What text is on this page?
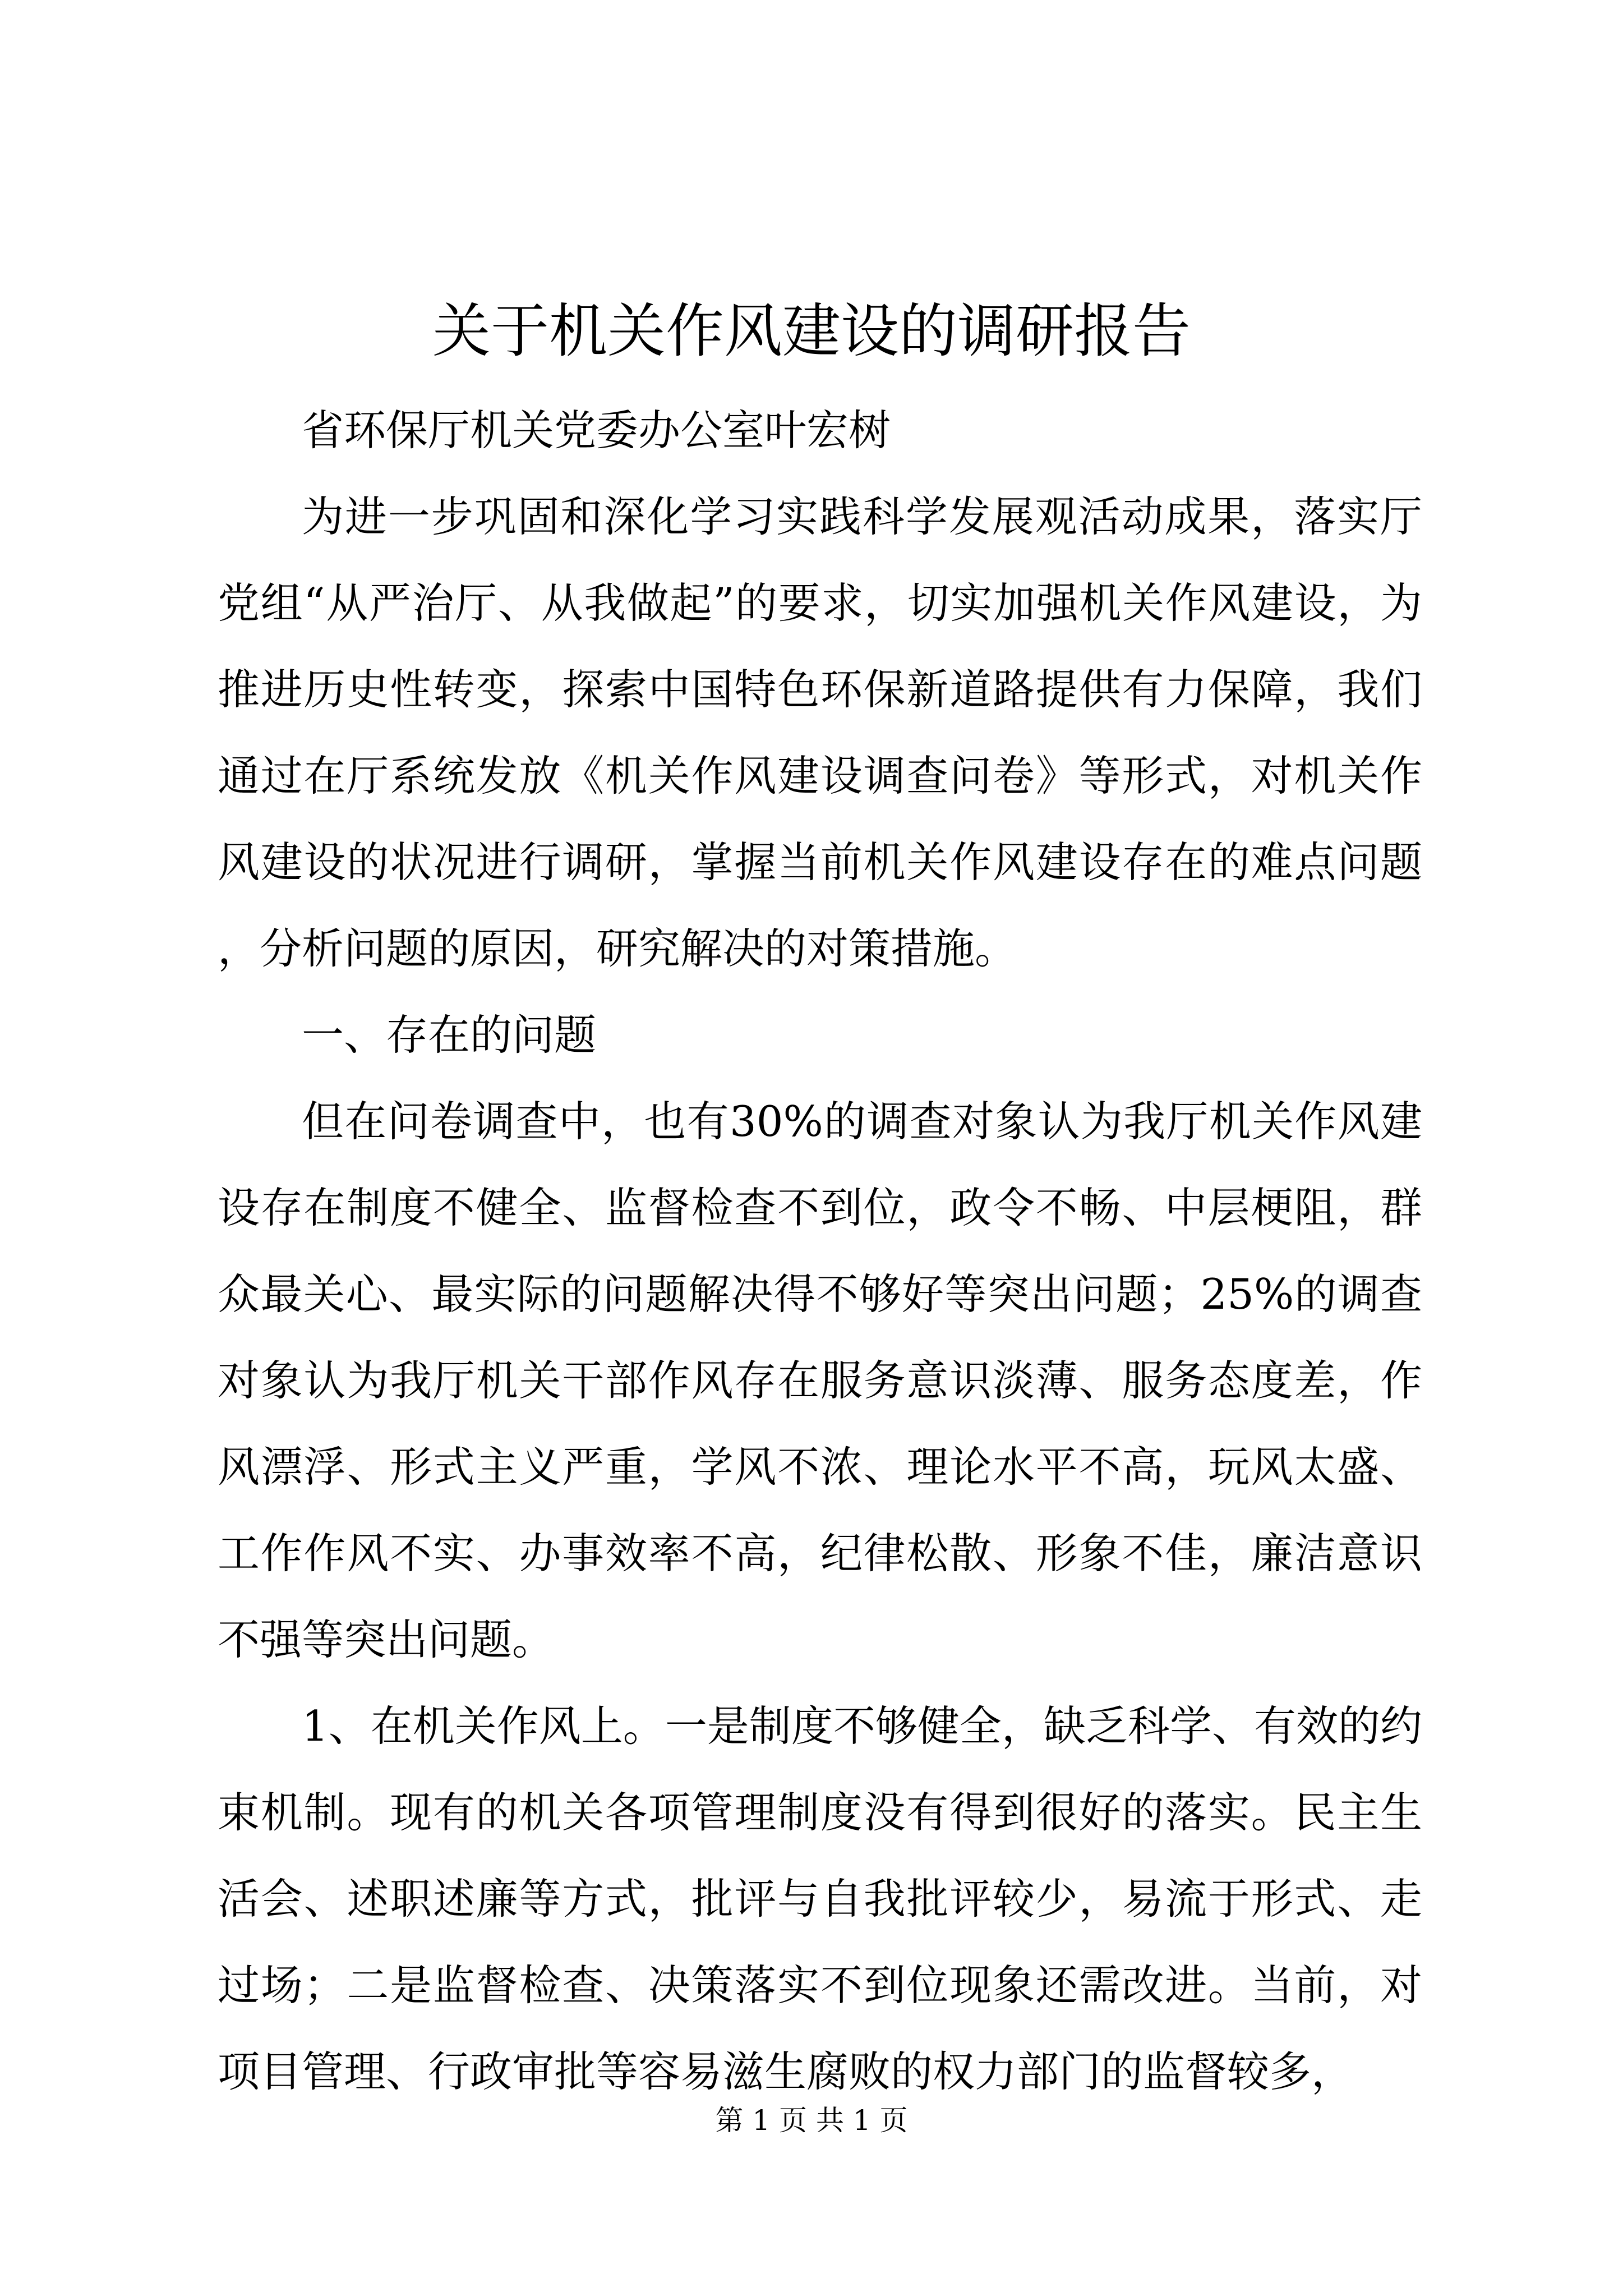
关于机关作风建设的调研报告

省环保厅机关党委办公室叶宏树

为进一步巩固和深化学习实践科学发展观活动成果，落实厅党组“从严治厅、从我做起”的要求，切实加强机关作风建设，为推进历史性转变，探索中国特色环保新道路提供有力保障，我们通过在厅系统发放《机关作风建设调查问卷》等形式，对机关作风建设的状况进行调研，掌握当前机关作风建设存在的难点问题，分析问题的原因，研究解决的对策措施。

一、存在的问题

但在问卷调查中，也有30%的调查对象认为我厅机关作风建设存在制度不健全、监督检查不到位，政令不畅、中层梗阻，群众最关心、最实际的问题解决得不够好等突出问题；25%的调查对象认为我厅机关干部作风存在服务意识淡薄、服务态度差，作风漂浮、形式主义严重，学风不浓、理论水平不高，玩风太盛、工作作风不实、办事效率不高，纪律松散、形象不佳，廉洁意识不强等突出问题。

1、在机关作风上。一是制度不够健全，缺乏科学、有效的约束机制。现有的机关各项管理制度没有得到很好的落实。民主生活会、述职述廉等方式，批评与自我批评较少，易流于形式、走过场；二是监督检查、决策落实不到位现象还需改进。当前，对项目管理、行政审批等容易滋生腐败的权力部门的监督较多，

第 1 页 共 1 页
